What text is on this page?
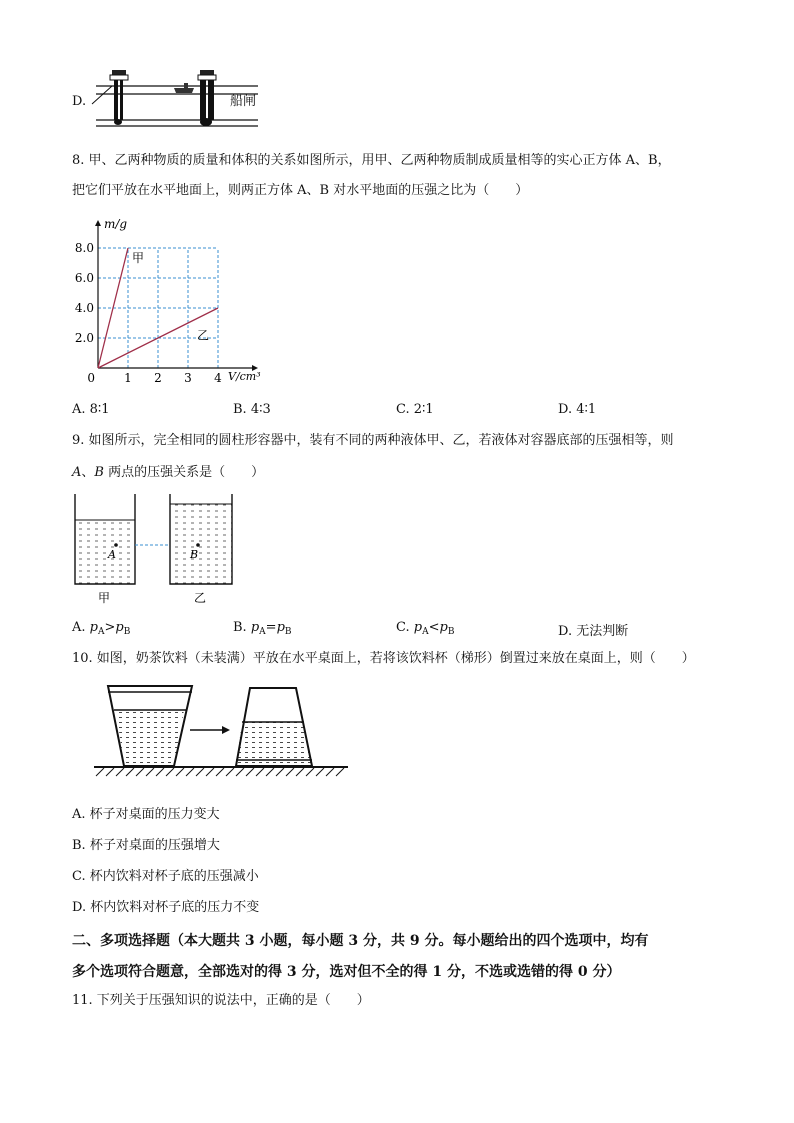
D.	船闸
8. 甲、乙两种物质的质量和体积的关系如图所示，用甲、乙两种物质制成质量相等的实心正方体 A、B，
把它们平放在水平地面上，则两正方体 A、B 对水平地面的压强之比为（　　）
1 2 3 4
2.0
4.0
6.0
8.0
0	V/cm³
m/g
甲
乙
A. 8∶1	B. 4∶3	C. 2∶1	D. 4∶1
9. 如图所示，完全相同的圆柱形容器中，装有不同的两种液体甲、乙，若液体对容器底部的压强相等，则
A、B 两点的压强关系是（　　）
A	B
甲	乙
A. $p_A>p_B$	B. $p_A=p_B$	C. $p_A<p_B$	D. 无法判断
10. 如图，奶茶饮料（未装满）平放在水平桌面上，若将该饮料杯（梯形）倒置过来放在桌面上，则（　　）
A. 杯子对桌面的压力变大
B. 杯子对桌面的压强增大
C. 杯内饮料对杯子底的压强减小
D. 杯内饮料对杯子底的压力不变
二、多项选择题（本大题共 3 小题，每小题 3 分，共 9 分。每小题给出的四个选项中，均有
多个选项符合题意，全部选对的得 3 分，选对但不全的得 1 分，不选或选错的得 0 分）
11. 下列关于压强知识的说法中，正确的是（　　）
